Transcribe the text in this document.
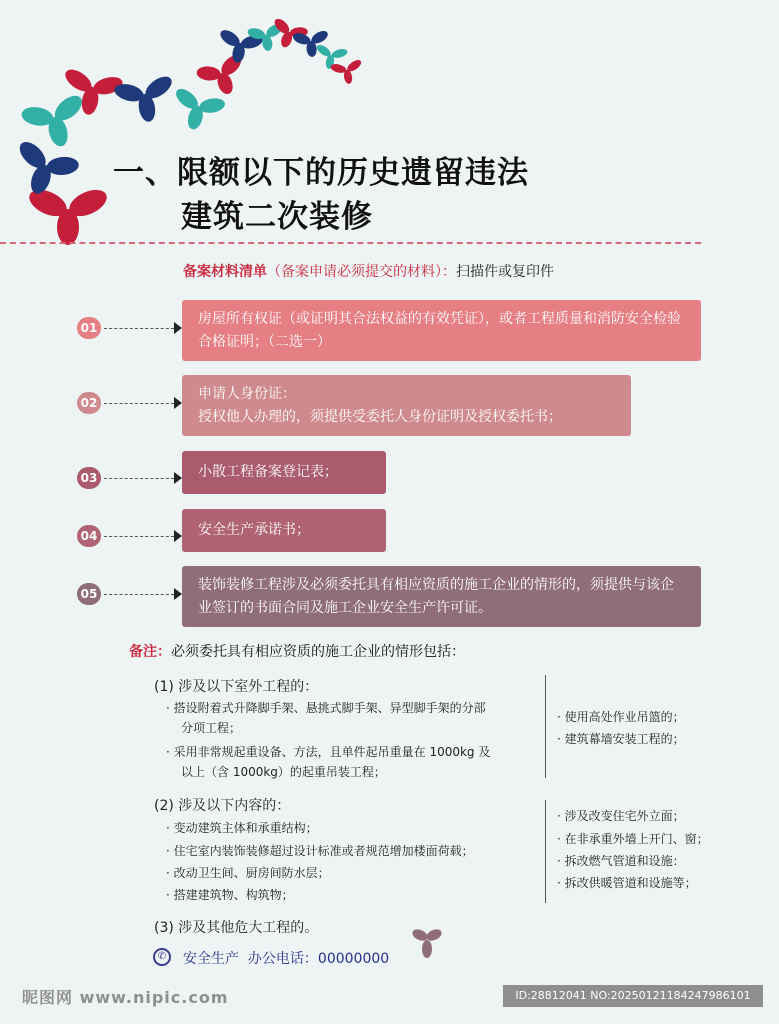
一、限额以下的历史遗留违法
建筑二次装修
备案材料清单（备案申请必须提交的材料）：扫描件或复印件
01
房屋所有权证（或证明其合法权益的有效凭证），或者工程质量和消防安全检验合格证明；（二选一）
02
申请人身份证：
授权他人办理的，须提供受委托人身份证明及授权委托书；
03	小散工程备案登记表；
04	安全生产承诺书；
05
装饰装修工程涉及必须委托具有相应资质的施工企业的情形的，须提供与该企业签订的书面合同及施工企业安全生产许可证。
备注：必须委托具有相应资质的施工企业的情形包括：
(1) 涉及以下室外工程的：
· 搭设附着式升降脚手架、悬挑式脚手架、异型脚手架的分部
分项工程；
· 采用非常规起重设备、方法，且单件起吊重量在 1000kg 及
以上（含 1000kg）的起重吊装工程；
· 使用高处作业吊篮的；
· 建筑幕墙安装工程的；
(2) 涉及以下内容的：
· 变动建筑主体和承重结构；
· 住宅室内装饰装修超过设计标准或者规范增加楼面荷载；
· 改动卫生间、厨房间防水层；
· 搭建建筑物、构筑物；
· 涉及改变住宅外立面；
· 在非承重外墙上开门、窗；
· 拆改燃气管道和设施：
· 拆改供暖管道和设施等；
(3) 涉及其他危大工程的。
✆	安全生产 办公电话：00000000
昵图网 www.nipic.com	ID:28812041 NO:20250121184247986101
